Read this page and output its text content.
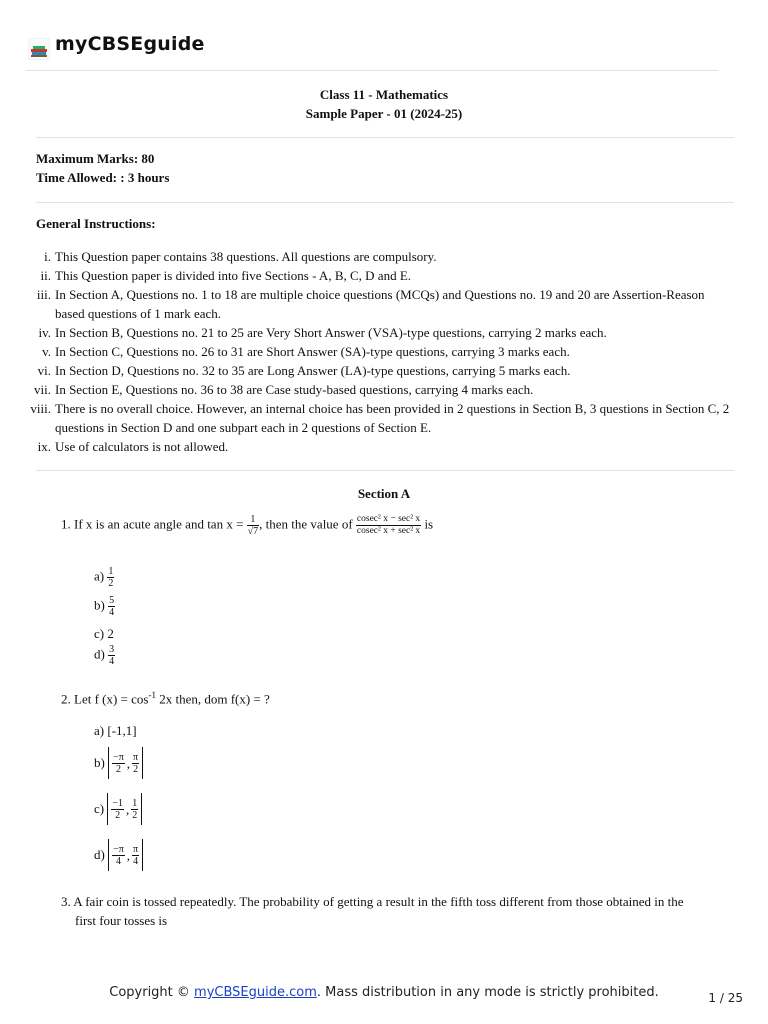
myCBSEguide
Class 11 - Mathematics
Sample Paper - 01 (2024-25)
Maximum Marks: 80
Time Allowed: : 3 hours
General Instructions:
i. This Question paper contains 38 questions. All questions are compulsory.
ii. This Question paper is divided into five Sections - A, B, C, D and E.
iii. In Section A, Questions no. 1 to 18 are multiple choice questions (MCQs) and Questions no. 19 and 20 are Assertion-Reason based questions of 1 mark each.
iv. In Section B, Questions no. 21 to 25 are Very Short Answer (VSA)-type questions, carrying 2 marks each.
v. In Section C, Questions no. 26 to 31 are Short Answer (SA)-type questions, carrying 3 marks each.
vi. In Section D, Questions no. 32 to 35 are Long Answer (LA)-type questions, carrying 5 marks each.
vii. In Section E, Questions no. 36 to 38 are Case study-based questions, carrying 4 marks each.
viii. There is no overall choice. However, an internal choice has been provided in 2 questions in Section B, 3 questions in Section C, 2 questions in Section D and one subpart each in 2 questions of Section E.
ix. Use of calculators is not allowed.
Section A
1. If x is an acute angle and $\tan x = \frac{1}{√7}$ , then the value of $\frac{\text{cosec² x − sec² x}}{\text{cosec² x + sec² x}}$ is
$a) \frac{1}{2}$
$b) \frac{5}{4}$
c) 2
$d) \frac{3}{4}$
2. Let f $(x) = \cos^{-1} 2x$ then, dom f(x) = ?
a) [-1,1]
$b) \frac{-\pi}{2}$ , $\frac{\pi}{2}$
$c) \frac{-1}{2}$ , $\frac{1}{2}$
$d) \frac{-\pi}{4}$ , $\frac{\pi}{4}$
3. A fair coin is tossed repeatedly. The probability of getting a result in the fifth toss different from those obtained in the
first four tosses is
Copyright © myCBSEguide.com. Mass distribution in any mode is strictly prohibited.	1 / 25
